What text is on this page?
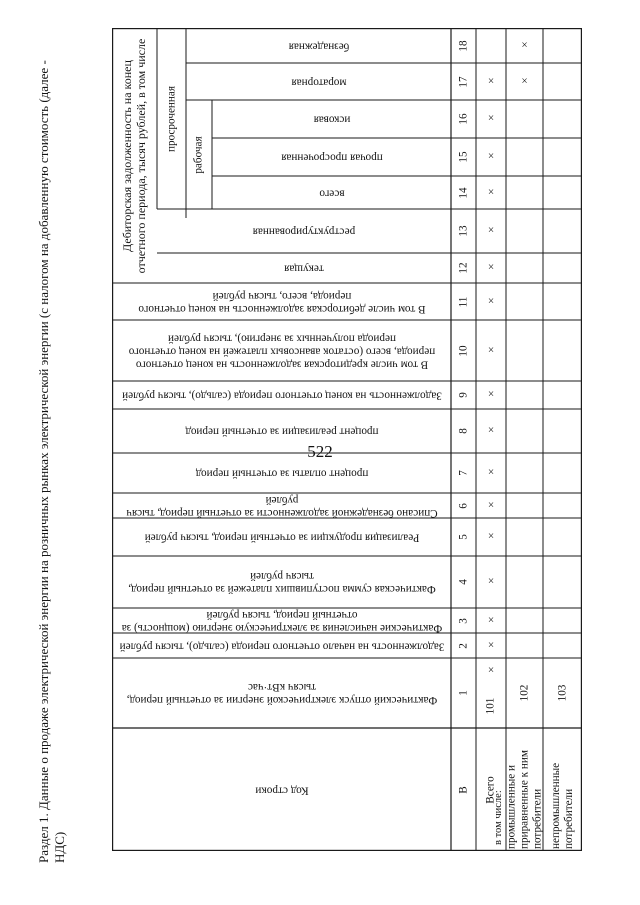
522
Раздел 1. Данные о продаже электрической энергии на розничных рынках электрической энергии (с налогом на добавленную стоимость (далее - НДС)
Дебиторская задолженность на конец отчетного периода, тысяч рублей, в том числе просроченная
рабочая
безнадежная
мораторная
исковая
прочая просроченная
всего
реструктурированная
текущая
В том числе дебиторская задолженность на конец отчетного периода, всего, тысяч рублей
В том числе кредиторская задолженность на конец отчетного периода, всего (остаток авансовых платежей на конец отчетного периода полученных за энергию), тысяч рублей
Задолженность на конец отчетного периода (сальдо), тысяч рублей
процент реализации за отчетный период
процент оплаты за отчетный период
Списано безнадежной задолженности за отчетный период, тысяч рублей
Реализация продукции за отчетный период, тысяч рублей
Фактическая сумма поступивших платежей за отчетный период, тысяч рублей
Фактические начисления за электрическую энергию (мощность) за отчетный период, тысяч рублей
Задолженность на начало отчетного периода (сальдо), тысяч рублей
Фактический отпуск электрической энергии за отчетный период, тысяч кВт·час
Код строки
18
17
16
15
14
13
12
11
10
9
8
7
6
5
4
3
2
1
В Всего
101
промышленные и приравненные к ним потребители
102
непромышленные потребители
103
в том числе:
×
×
×
×
×
×
×
×
×
×
×
×
×
×
×
×
×
×
×
